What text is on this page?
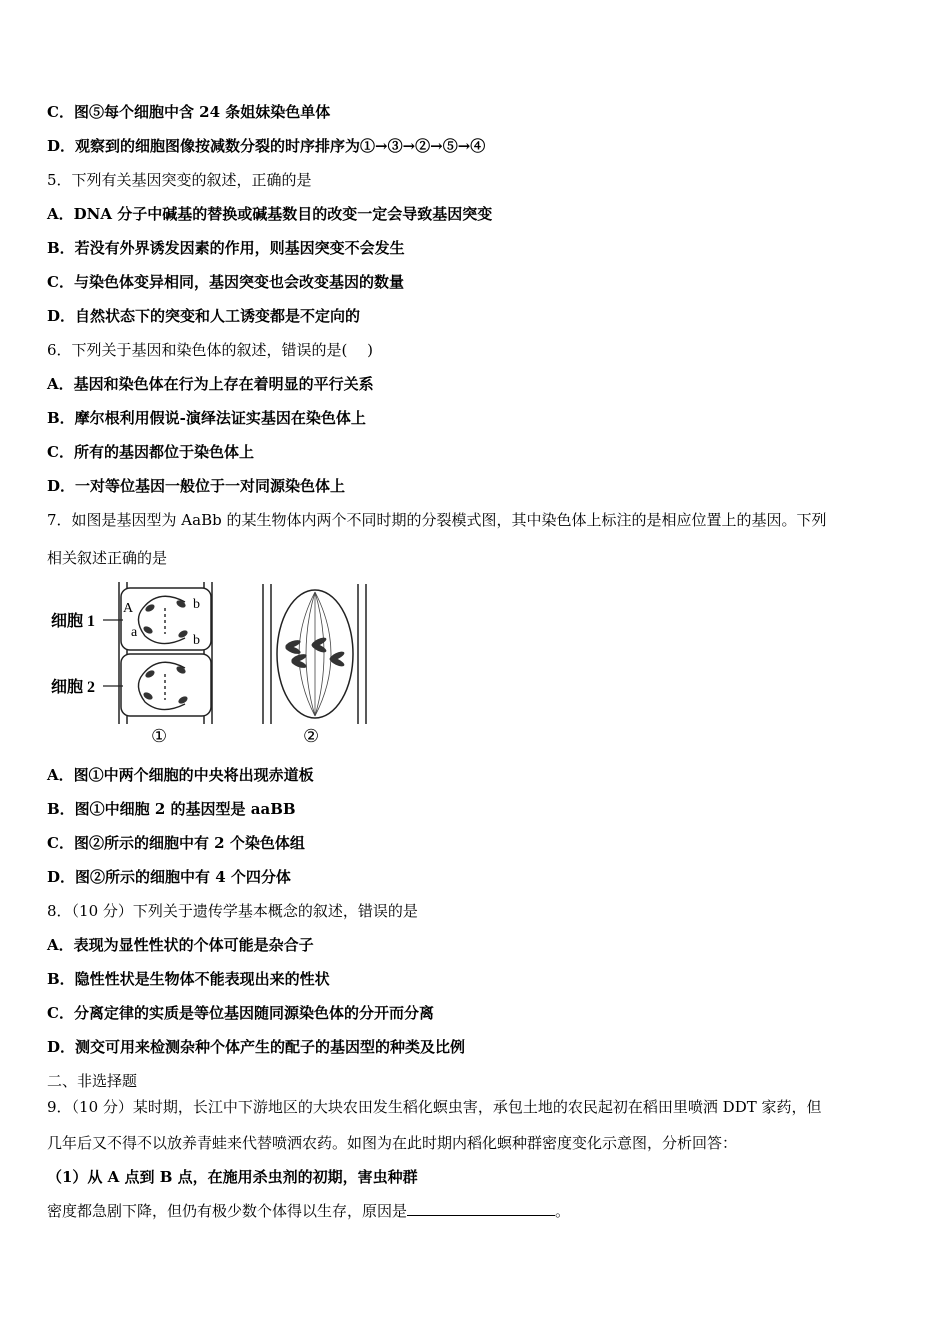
C．图⑤每个细胞中含 24 条姐妹染色单体
D．观察到的细胞图像按减数分裂的时序排序为①→③→②→⑤→④
5．下列有关基因突变的叙述，正确的是
A．DNA 分子中碱基的替换或碱基数目的改变一定会导致基因突变
B．若没有外界诱发因素的作用，则基因突变不会发生
C．与染色体变异相同，基因突变也会改变基因的数量
D．自然状态下的突变和人工诱变都是不定向的
6．下列关于基因和染色体的叙述，错误的是(　 )
A．基因和染色体在行为上存在着明显的平行关系
B．摩尔根利用假说-演绎法证实基因在染色体上
C．所有的基因都位于染色体上
D．一对等位基因一般位于一对同源染色体上
7．如图是基因型为 AaBb 的某生物体内两个不同时期的分裂模式图，其中染色体上标注的是相应位置上的基因。下列
相关叙述正确的是
A	b
a
b
细胞 1
细胞 2
①	②
A．图①中两个细胞的中央将出现赤道板
B．图①中细胞 2 的基因型是 aaBB
C．图②所示的细胞中有 2 个染色体组
D．图②所示的细胞中有 4 个四分体
8．（10 分）下列关于遗传学基本概念的叙述，错误的是
A．表现为显性性状的个体可能是杂合子
B．隐性性状是生物体不能表现出来的性状
C．分离定律的实质是等位基因随同源染色体的分开而分离
D．测交可用来检测杂种个体产生的配子的基因型的种类及比例
二、非选择题
9．（10 分）某时期，长江中下游地区的大块农田发生稻化螟虫害，承包土地的农民起初在稻田里喷洒 DDT 家药，但
几年后又不得不以放养青蛙来代替喷洒农药。如图为在此时期内稻化螟种群密度变化示意图，分析回答：
（1）从 A 点到 B 点，在施用杀虫剂的初期，害虫种群
密度都急剧下降，但仍有极少数个体得以生存，原因是	。
